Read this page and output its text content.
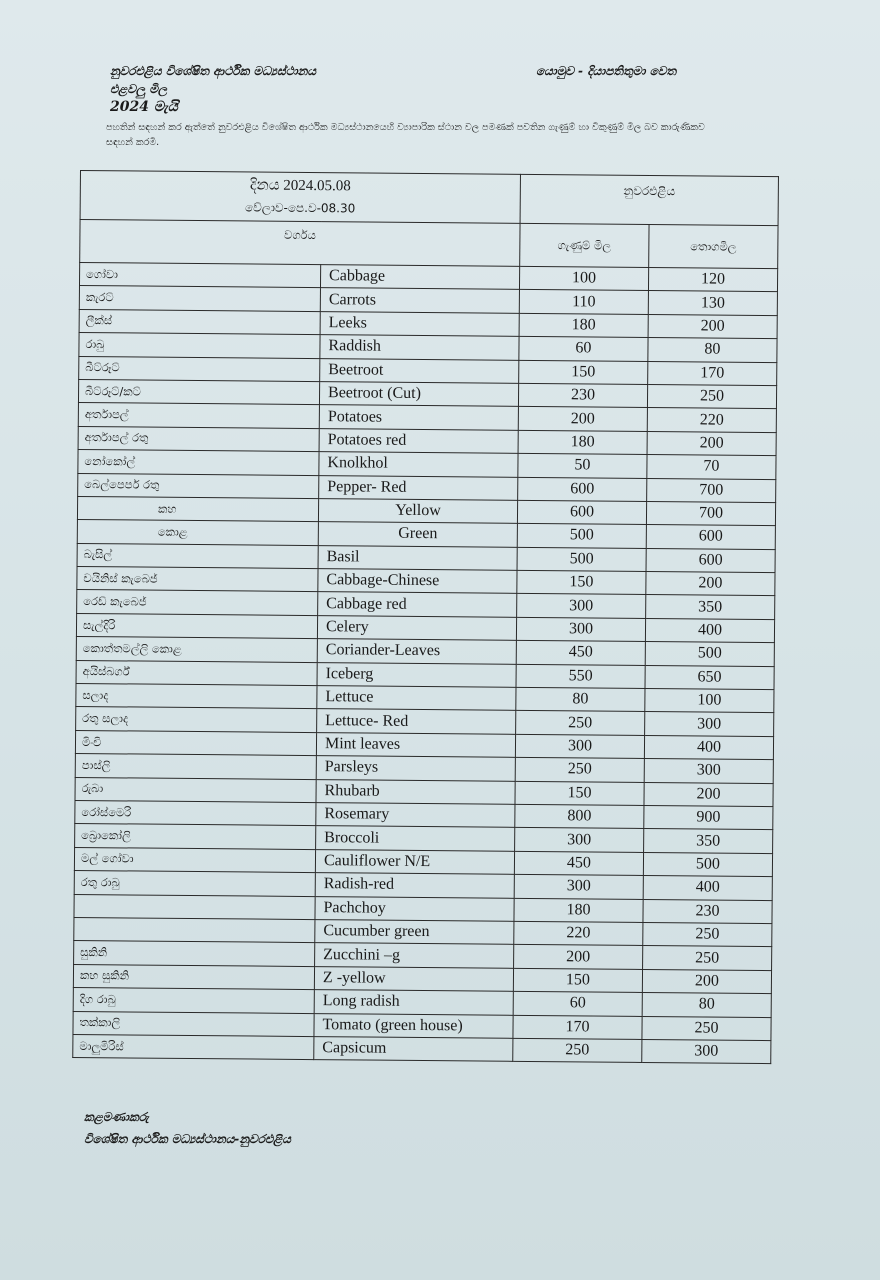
නුවරඑළිය විශේෂිත ආර්ථික මධ්‍යස්ථානය
එළවලු මිල
2024 මැයි
යොමුව - දියාපතිතුමා වෙත
පහතින් සඳහන් කර ඇත්තේ නුවරඑළිය විශේෂිත ආර්ථික මධ්‍යස්ථානයෙහි ව්‍යාපාරික ස්ථාන වල පමණක් පවතින ගැණුම් හා විකුණුම් මිල බව කාරුණිකව සඳහන් කරමි.
දිනය 2024.05.08
වේලාව-පෙ.ව-08.30		නුවරඑළිය	
වර්ගය		ගැණුම් මිල	තොගමිල
ගෝවා	Cabbage	100	120
කැරට්	Carrots	110	130
ලීක්ස්	Leeks	180	200
රාබු	Raddish	60	80
බීට්රූට්	Beetroot	150	170
බීට්රූට්/කට්	Beetroot (Cut)	230	250
අර්තාපල්	Potatoes	200	220
අර්තාපල් රතු	Potatoes red	180	200
නෝකෝල්	Knolkhol	50	70
බෙල්පෙපර් රතු	Pepper- Red	600	700
කහ	Yellow	600	700
කොළ	Green	500	600
බැසිල්	Basil	500	600
චයිනිස් කැබෙජ්	Cabbage-Chinese	150	200
රෙඩ් කැබෙජ්	Cabbage red	300	350
සැල්දිරි	Celery	300	400
කොත්තමල්ලි කොළ	Coriander-Leaves	450	500
අයිස්බර්ග්	Iceberg	550	650
සලාද	Lettuce	80	100
රතු සලාද	Lettuce- Red	250	300
මිංචි	Mint leaves	300	400
පාස්ලි	Parsleys	250	300
රුබා	Rhubarb	150	200
රෝස්මෙරි	Rosemary	800	900
බ්‍රොකෝලි	Broccoli	300	350
මල් ගෝවා	Cauliflower N/E	450	500
රතු රාබු	Radish-red	300	400
	Pachchoy	180	230
	Cucumber green	220	250
සුකිනි	Zucchini –g	200	250
කහ සුකිනි	Z -yellow	150	200
දිග රාබු	Long radish	60	80
තක්කාලි	Tomato (green house)	170	250
මාලුමිරිස්	Capsicum	250	300
කළමණාකරු
විශේෂිත ආර්ථික මධ්‍යස්ථානය-නුවරඑළිය
